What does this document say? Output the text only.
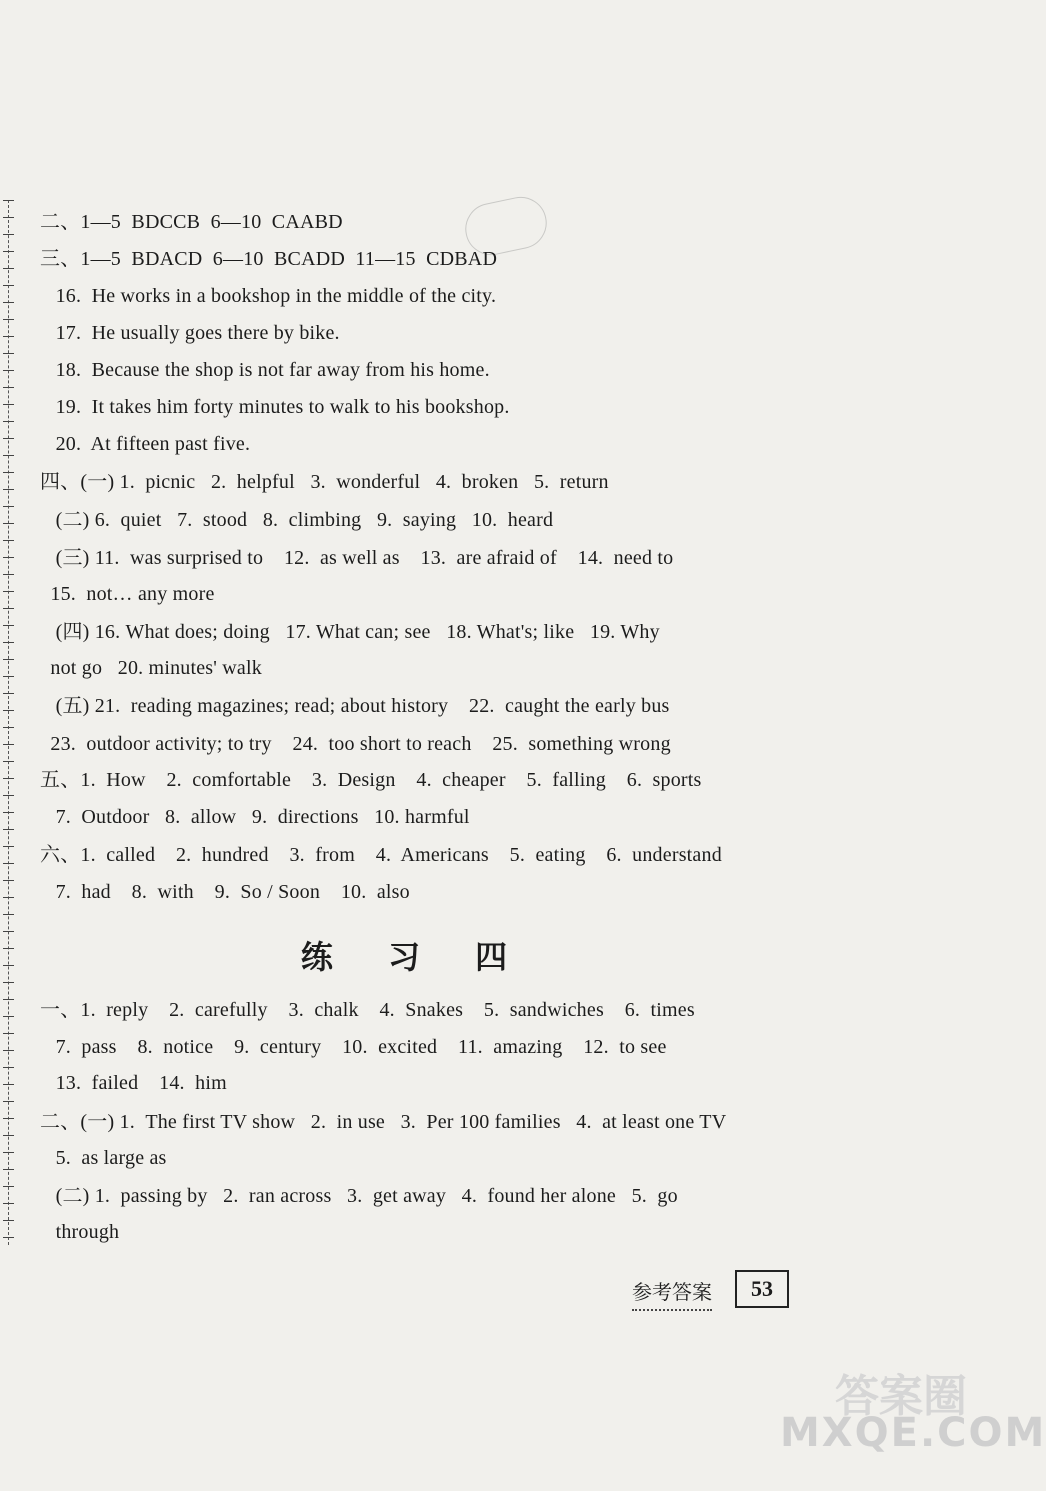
二、1—5  BDCCB  6—10  CAABD
三、1—5  BDACD  6—10  BCADD  11—15  CDBAD
16.  He works in a bookshop in the middle of the city.
17.  He usually goes there by bike.
18.  Because the shop is not far away from his home.
19.  It takes him forty minutes to walk to his bookshop.
20.  At fifteen past five.
四、(一) 1.  picnic   2.  helpful   3.  wonderful   4.  broken   5.  return
(二) 6.  quiet   7.  stood   8.  climbing   9.  saying   10.  heard
(三) 11.  was surprised to    12.  as well as    13.  are afraid of    14.  need to
15.  not… any more
(四) 16. What does; doing   17. What can; see   18. What's; like   19. Why
not go   20. minutes' walk
(五) 21.  reading magazines; read; about history    22.  caught the early bus
23.  outdoor activity; to try    24.  too short to reach    25.  something wrong
五、1.  How    2.  comfortable    3.  Design    4.  cheaper    5.  falling    6.  sports
7.  Outdoor   8.  allow   9.  directions   10. harmful
六、1.  called    2.  hundred    3.  from    4.  Americans    5.  eating    6.  understand
7.  had    8.  with    9.  So / Soon    10.  also
练 习 四
一、1.  reply    2.  carefully    3.  chalk    4.  Snakes    5.  sandwiches    6.  times
7.  pass    8.  notice    9.  century    10.  excited    11.  amazing    12.  to see
13.  failed    14.  him
二、(一) 1.  The first TV show   2.  in use   3.  Per 100 families   4.  at least one TV
5.  as large as
(二) 1.  passing by   2.  ran across   3.  get away   4.  found her alone   5.  go
through
参考答案	53
答案圈
MXQE.COM
